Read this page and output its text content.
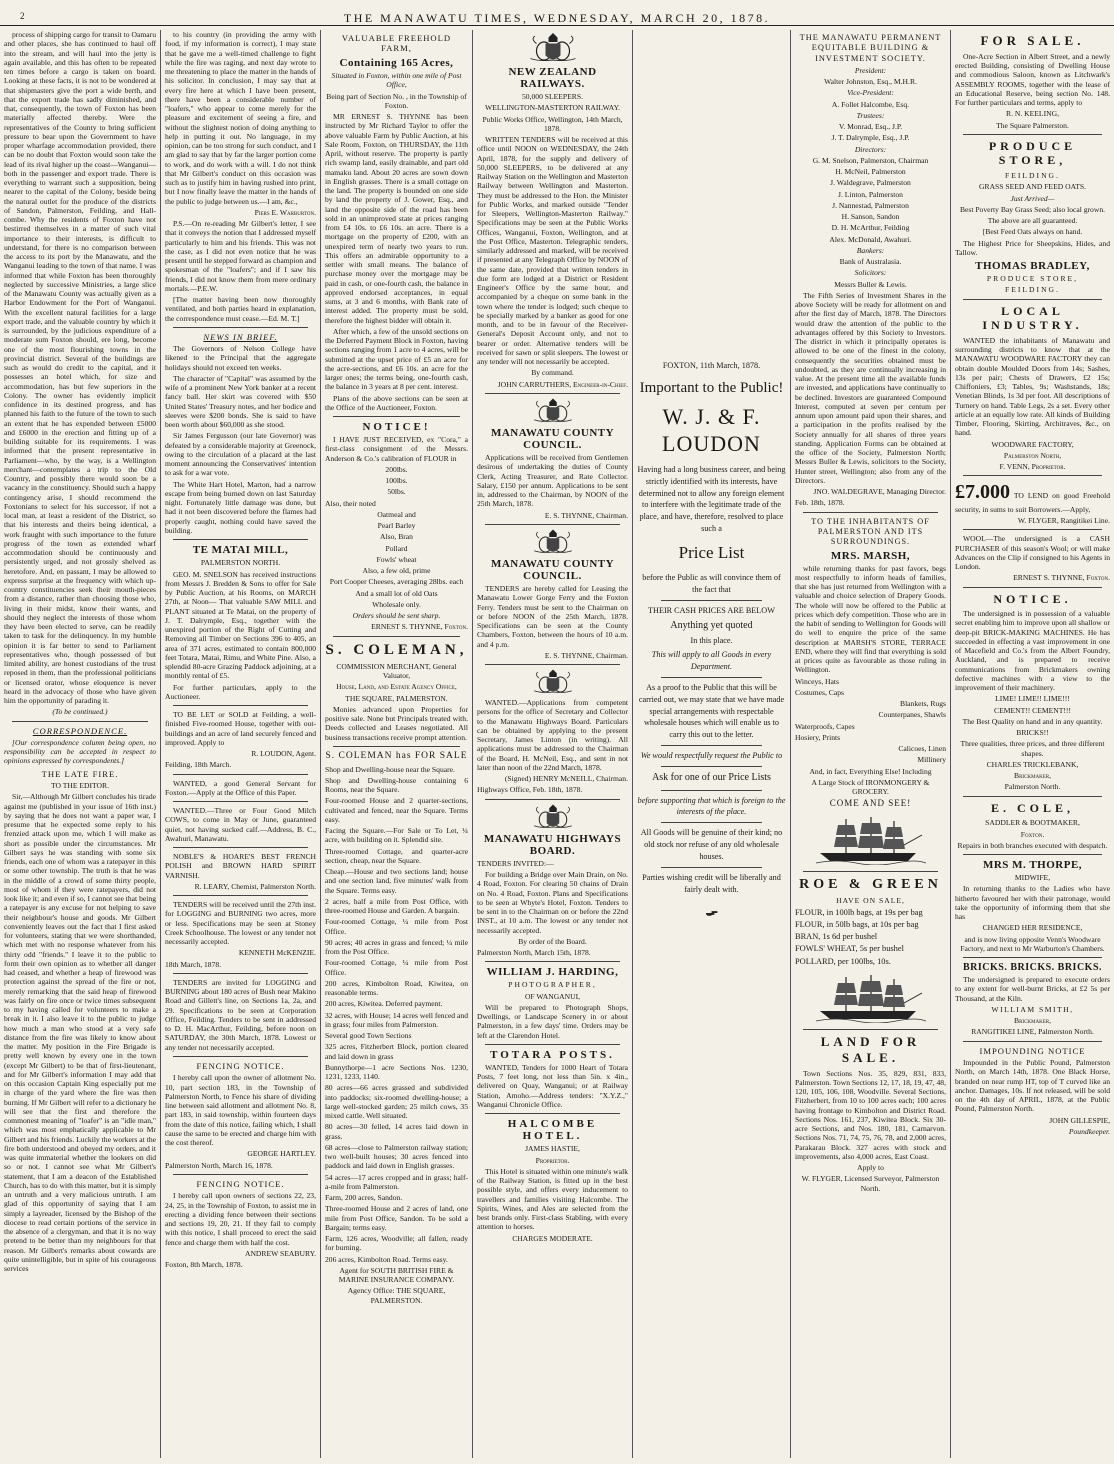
2	THE MANAWATU TIMES, WEDNESDAY, MARCH 20, 1878.

process of shipping cargo for transit to Oamaru and other places, she has continued to haul off into the stream, and will haul into the jetty is again available, and this has often to be repeated ten times before a cargo is taken on board. Looking at these facts, it is not to be wondered at that shipmasters give the port a wide berth, and that the export trade has sadly diminished, and that, consequently, the town of Foxton has been materially affected thereby. Were the representatives of the County to bring sufficient pressure to bear upon the Government to have proper wharfage accommodation provided, there can be no doubt that Foxton would soon take the lead of its rival higher up the coast—Wanganui—both in the passenger and export trade. There is everything to warrant such a supposition, being nearer to the capital of the Colony, beside being the natural outlet for the produce of the districts of Sandon, Palmerston, Feilding, and Hall-combe. Why the residents of Foxton have not bestirred themselves in a matter of such vital importance to their interests, is difficult to understand, for there is no comparison between the access to its port by the Manawatu, and the Wanganui leading to the town of that name. I was informed that while Foxton has been thoroughly neglected by successive Ministries, a large slice of the Manawatu County was actually given as a Harbor Endowment for the Port of Wanganui. With the excellent natural facilities for a large export trade, and the valuable country by which it is surrounded, by the judicious expenditure of a moderate sum Foxton should, ere long, become one of the most flourishing towns in the provincial district. Several of the buildings are such as would do credit to the capital, and it possesses an hotel which, for size and accommodation, has but few superiors in the Colony. The owner has evidently implicit confidence in its destined progress, and has planned his faith to the future of the town to such an extent that he has expended between £5000 and £6000 in the erection and fitting up of a building suitable for its requirements. I was informed that the present representative in Parliament—who, by the way, is a Wellington merchant—contemplates a trip to the Old Country, and possibly there would soon be a vacancy in the constituency. Should such a happy contingency arise, I should recommend the Foxtonians to select for his successor, if not a local man, at least a resident of the District, so that his interests and theirs being identical, a work fraught with such importance to the future progress of the town as extended wharf accommodation should be continuously and persistently urged, and not grossly shelved as heretofore. And, en passant, I may be allowed to express surprise at the frequency with which up-country constituencies seek their mouth-pieces from a distance, rather than choosing those who, living in their midst, know their wants, and should they neglect the interests of those whom they have been elected to serve, can be readily taken to task for the delinquency. In my humble opinion it is far better to send to Parliament representatives who, though possessed of but limited ability, are honest custodians of the trust reposed in them, than the professional politicians or licensed orator, whose eloquence is never heard in the advocacy of those who have given him the opportunity of parading it.

(To be continued.)

CORRESPONDENCE.

[Our correspondence column being open, no responsibility can be accepted in respect to opinions expressed by correspondents.]

THE LATE FIRE.

TO THE EDITOR.

Sir,—Although Mr Gilbert concludes his tirade against me (published in your issue of 16th inst.) by saying that he does not want a paper war, I presume that he expected some reply to his frenzied attack upon me, which I will make as short as possible under the circumstances. Mr Gilbert says he was standing with some six friends, each one of whom was a ratepayer in this or some other township. The truth is that he was in the middle of a crowd of some thirty people, most of whom if they were ratepayers, did not look like it; and even if so, I cannot see that being a ratepayer is any excuse for not helping to save their neighbour's house and goods. Mr Gilbert conveniently leaves out the fact that I first asked for volunteers, stating that we were shorthanded, which met with no response whatever from his thirty odd "friends." I leave it to the public to form their own opinion as to whether all danger had ceased, and whether a heap of firewood was protection against the spread of the fire or not, merely remarking that the said heap of firewood was fairly on fire once or twice times subsequent to my having called for volunteers to make a break in it. I also leave it to the public to judge how much a man who stood at a very safe distance from the fire was likely to know about the matter. My position in the Fire Brigade is pretty well known by every one in the town (except Mr Gilbert) to be that of first-lieutenant, and for Mr Gilbert's information I may add that on this occasion Captain King especially put me in charge of the yard where the fire was then burning. If Mr Gilbert will refer to a dictionary he will see that the first and therefore the commonest meaning of "loafer" is an "idle man," which was most emphatically applicable to Mr Gilbert and his friends. Luckily the workers at the fire both understood and obeyed my orders, and it was quite immaterial whether the lookers on did so or not. I cannot see what Mr Gilbert's statement, that I am a deacon of the Established Church, has to do with this matter, but it is simply an untruth and a very malicious untruth. I am glad of this opportunity of saying that I am simply a layreader, licensed by the Bishop of the diocese to read certain portions of the service in the absence of a clergyman, and that it is no way pretend to be better than my neighbours for that reason. Mr Gilbert's remarks about cowards are quite unintelligible, but in spite of his courageous services

to his country (in providing the army with food, if my information is correct), I may state that he gave me a well-timed challenge to fight while the fire was raging, and next day wrote to me threatening to place the matter in the hands of his solicitor. In conclusion, I may say that at every fire here at which I have been present, there have been a considerable number of "loafers," who appear to come merely for the pleasure and excitement of seeing a fire, and without the slightest notion of doing anything to help in putting it out. No language, in my opinion, can be too strong for such conduct, and I am glad to say that by far the larger portion come to work, and do work with a will. I do not think that Mr Gilbert's conduct on this occasion was such as to justify him in having rushed into print, but I now finally leave the matter in the hands of the public to judge between us.—I am, &c.,

Piers E. Warburton.

P.S.—On re-reading Mr Gilbert's letter, I see that it conveys the notion that I addressed myself particularly to him and his friends. This was not the case, as I did not even notice that he was present until he stepped forward as champion and spokesman of the "loafers"; and if I saw his friends, I did not know them from mere ordinary mortals.—P.E.W.

[The matter having been now thoroughly ventilated, and both parties heard in explanation, the correspondence must cease.—Ed. M. T.]

NEWS IN BRIEF.

The Governors of Nelson College have likened to the Principal that the aggregate holidays should not exceed ten weeks.

The character of "Capital" was assumed by the wife of a prominent New York banker at a recent fancy ball. Her skirt was covered with $50 United States' Treasury notes, and her bodice and sleeves were $200 bonds. She is said to have been worth about $60,000 as she stood.

Sir James Fergusson (our late Governor) was defeated by a considerable majority at Greenock, owing to the circulation of a placard at the last moment announcing the Conservatives' intention to ask for a war vote.

The White Hart Hotel, Marton, had a narrow escape from being burned down on last Saturday night. Fortunately little damage was done, but had it not been discovered before the flames had properly caught, nothing could have saved the building.

TE MATAI MILL,

PALMERSTON NORTH.

GEO. M. SNELSON has received instructions from Messrs J. Bredden & Sons to offer for Sale by Public Auction, at his Rooms, on MARCH 27th, at Noon— That valuable SAW MILL and PLANT situated at Te Matai, on the property of J. T. Dalrymple, Esq., together with the unexpired portion of the Right of Cutting and Removing all Timber on Sections 396 to 405, an area of 371 acres, estimated to contain 800,000 feet Totara, Matai, Rimu, and White Pine. Also, a splendid 80-acre Grazing Paddock adjoining, at a monthly rental of £5.

For further particulars, apply to the Auctioneer.

TO BE LET or SOLD at Feilding, a well-finished Five-roomed House, together with out-buildings and an acre of land securely fenced and improved. Apply to

R. LOUDON, Agent.

Feilding, 18th March.

WANTED, a good General Servant for Foxton.—Apply at the Office of this Paper.

WANTED.—Three or Four Good Milch COWS, to come in May or June, guaranteed quiet, not having sucked calf.—Address, B. C., Awahuri, Manawatu.

NOBLE'S & HOARE'S BEST FRENCH POLISH and BROWN HARD SPIRIT VARNISH.

R. LEARY, Chemist, Palmerston North.

TENDERS will be received until the 27th inst. for LOGGING and BURNING two acres, more or less. Specifications may be seen at Stoney Creek Schoolhouse. The lowest or any tender not necessarily accepted.

KENNETH McKENZIE.

18th March, 1878.

TENDERS are invited for LOGGING and BURNING about 180 acres of Bush near Makino Road and Gillett's line, on Sections 1a, 2a, and 29. Specifications to be seen at Corporation Office, Feilding. Tenders to be sent in addressed to D. H. MacArthur, Feilding, before noon on SATURDAY, the 30th March, 1878. Lowest or any tender not necessarily accepted.

FENCING NOTICE.

I hereby call upon the owner of allotment No. 10, part section 183, in the Township of Palmerston North, to Fence his share of dividing line between said allotment and allotment No. 8, part 183, in said township, within fourteen days from the date of this notice, failing which, I shall cause the same to be erected and charge him with the cost thereof.

GEORGE HARTLEY.

Palmerston North, March 16, 1878.

FENCING NOTICE.

I hereby call upon owners of sections 22, 23, 24, 25, in the Township of Foxton, to assist me in erecting a dividing fence between their sections and sections 19, 20, 21. If they fail to comply with this notice, I shall proceed to erect the said fence and charge them with half the cost.

ANDREW SEABURY.

Foxton, 8th March, 1878.

VALUABLE FREEHOLD FARM,
Containing 165 Acres,

Situated in Foxton, within one mile of Post Office,

Being part of Section No. , in the Township of Foxton.

MR ERNEST S. THYNNE has been instructed by Mr Richard Taylor to offer the above valuable Farm by Public Auction, at his Sale Room, Foxton, on THURSDAY, the 11th April, without reserve. The property is partly rich swamp land, easily drainable, and part old mamaku land. About 20 acres are sown down in English grasses. There is a small cottage on the land. The property is bounded on one side by land the property of J. Gower, Esq., and land the opposite side of the road has been sold in an unimproved state at prices ranging from £4 10s. to £6 10s. an acre. There is a mortgage on the property of £200, with an unexpired term of nearly two years to run. This offers an admirable opportunity to a settler with small means. The balance of purchase money over the mortgage may be paid in cash, or one-fourth cash, the balance in approved endorsed acceptances, in equal sums, at 3 and 6 months, with Bank rate of interest added. The property must be sold, therefore the highest bidder will obtain it.

After which, a few of the unsold sections on the Deferred Payment Block in Foxton, having sections ranging from 1 acre to 4 acres, will be submitted at the upset price of £5 an acre for the acre-sections, and £6 10s. an acre for the larger ones; the terms being, one-fourth cash, the balance in 3 years at 8 per cent. interest.

Plans of the above sections can be seen at the Office of the Auctioneer, Foxton.

NOTICE!

I HAVE JUST RECEIVED, ex "Cora," a first-class consignment of the Messrs. Anderson & Co.'s calibration of FLOUR in

200lbs.

100lbs.

50lbs.

Also, their noted

Oatmeal and

Pearl Barley

Also, Bran

Pollard

Fowls' wheat

Also, a few old, prime

Port Cooper Cheeses, averaging 28lbs. each

And a small lot of old Oats

Wholesale only.

Orders should be sent sharp.

ERNEST S. THYNNE, Foxton.

S. COLEMAN,

COMMISSION MERCHANT, General Valuator,

House, Land, and Estate Agency Office,

THE SQUARE, PALMERSTON.

Monies advanced upon Properties for positive sale. None but Principals treated with. Deeds collected and Leases negotiated. All business transactions receive prompt attention.

S. COLEMAN has FOR SALE

Shop and Dwelling-house near the Square.

Shop and Dwelling-house containing 6 Rooms, near the Square.

Four-roomed House and 2 quarter-sections, cultivated and fenced, near the Square. Terms easy.

Facing the Square.—For Sale or To Let, ¼ acre, with building on it. Splendid site.

Three-roomed Cottage, and quarter-acre section, cheap, near the Square.

Cheap.—House and two sections land; house and one section land, five minutes' walk from the Square. Terms easy.

2 acres, half a mile from Post Office, with three-roomed House and Garden. A bargain.

Four-roomed Cottage, ¼ mile from Post Office.

90 acres; 40 acres in grass and fenced; ¼ mile from the Post Office.

Four-roomed Cottage, ¼ mile from Post Office.

200 acres, Kimbolton Road, Kiwitea, on reasonable terms.

200 acres, Kiwitea. Deferred payment.

32 acres, with House; 14 acres well fenced and in grass; four miles from Palmerston.

Several good Town Sections

325 acres, Fitzherbert Block, portion cleared and laid down in grass

Bunnythorpe—1 acre Sections Nos. 1230, 1231, 1233, 1140.

80 acres—66 acres grassed and subdivided into paddocks; six-roomed dwelling-house; a large well-stocked garden; 25 milch cows, 35 mixed cattle. Well situated.

80 acres—30 felled, 14 acres laid down in grass.

68 acres—close to Palmerston railway station; two well-built houses; 30 acres fenced into paddock and laid down in English grasses.

54 acres—17 acres cropped and in grass; half-a-mile from Palmerston.

Farm, 200 acres, Sandon.

Three-roomed House and 2 acres of land, one mile from Post Office, Sandon. To be sold a Bargain; terms easy.

Farm, 126 acres, Woodville; all fallen, ready for burning.

206 acres, Kimbolton Road. Terms easy.

Agent for SOUTH BRITISH FIRE & MARINE INSURANCE COMPANY.

Agency Office: THE SQUARE, PALMERSTON.

NEW ZEALAND RAILWAYS.

50,000 SLEEPERS.

WELLINGTON-MASTERTON RAILWAY.

Public Works Office, Wellington, 14th March, 1878.

WRITTEN TENDERS will be received at this office until NOON on WEDNESDAY, the 24th April, 1878, for the supply and delivery of 50,000 SLEEPERS, to be delivered at any Railway Station on the Wellington and Masterton Railway between Wellington and Masterton. They must be addressed to the Hon. the Minister for Public Works, and marked outside "Tender for Sleepers, Wellington-Masterton Railway." Specifications may be seen at the Public Works Offices, Wanganui, Foxton, Wellington, and at the Post Office, Masterton. Telegraphic tenders, similarly addressed and marked, will be received if presented at any Telegraph Office by NOON of the same date, provided that written tenders in due form are lodged at a District or Resident Engineer's Office by the same hour, and accompanied by a cheque on some bank in the town where the tender is lodged; such cheque to be specially marked by a banker as good for one month, and to be in favour of the Receiver-General's Deposit Account only, and not to bearer or order. Alternative tenders will be received for sawn or split sleepers. The lowest or any tender will not necessarily be accepted.

By command.

JOHN CARRUTHERS, Engineer-in-Chief.

MANAWATU COUNTY COUNCIL.

Applications will be received from Gentlemen desirous of undertaking the duties of County Clerk, Acting Treasurer, and Rate Collector. Salary, £150 per annum. Applications to be sent in, addressed to the Chairman, by NOON of the 25th March, 1878.

E. S. THYNNE, Chairman.

MANAWATU COUNTY COUNCIL.

TENDERS are hereby called for Leasing the Manawatu Lower Gorge Ferry and the Foxton Ferry. Tenders must be sent to the Chairman on or before NOON of the 25th March, 1878. Specifications can be seen at the County Chambers, Foxton, between the hours of 10 a.m. and 4 p.m.

E. S. THYNNE, Chairman.

WANTED.—Applications from competent persons for the office of Secretary and Collector to the Manawatu Highways Board. Particulars can be obtained by applying to the present Secretary, James Linton (in writing). All applications must be addressed to the Chairman of the Board, H. McNeil, Esq., and sent in not later than noon of the 22nd March, 1878.

(Signed) HENRY McNEILL, Chairman.

Highways Office, Feb. 18th, 1878.

MANAWATU HIGHWAYS BOARD.

TENDERS INVITED:—

For building a Bridge over Main Drain, on No. 4 Road, Foxton. For clearing 50 chains of Drain on No. 4 Road, Foxton. Plans and Specifications to be seen at Whyte's Hotel, Foxton. Tenders to be sent in to the Chairman on or before the 22nd INST., at 10 a.m. The lowest or any tender not necessarily accepted.

By order of the Board.

Palmerston North, March 15th, 1878.

WILLIAM J. HARDING,

PHOTOGRAPHER,

OF WANGANUI,

Will be prepared to Photograph Shops, Dwellings, or Landscape Scenery in or about Palmerston, in a few days' time. Orders may be left at the Clarendon Hotel.

TOTARA POSTS.

WANTED, Tenders for 1000 Heart of Totara Posts, 7 feet long, not less than 5in. x 4in., delivered on Quay, Wanganui; or at Railway Station, Amoho.—Address tenders: "X.Y.Z.," Wanganui Chronicle Office.

HALCOMBE HOTEL.

JAMES HASTIE,

Proprietor.

This Hotel is situated within one minute's walk of the Railway Station, is fitted up in the best possible style, and offers every inducement to travellers and families visiting Halcombe. The Spirits, Wines, and Ales are selected from the best brands only. First-class Stabling, with every attention to horses.

CHARGES MODERATE.

FOXTON, 11th March, 1878.

Important to the Public!
W. J. & F. LOUDON

Having had a long business career, and being strictly identified with its interests, have determined not to allow any foreign element to interfere with the legitimate trade of the place, and have, therefore, resolved to place such a

Price List

before the Public as will convince them of the fact that

THEIR CASH PRICES ARE BELOW

Anything yet quoted

In this place.

This will apply to all Goods in every Department.

As a proof to the Public that this will be carried out, we may state that we have made special arrangements with respectable wholesale houses which will enable us to carry this out to the letter.

We would respectfully request the Public to

Ask for one of our Price Lists

before supporting that which is foreign to the interests of the place.

All Goods will be genuine of their kind; no old stock nor refuse of any old wholesale houses.

Parties wishing credit will be liberally and fairly dealt with.

THE MANAWATU PERMANENT EQUITABLE BUILDING & INVESTMENT SOCIETY.

President:

Walter Johnston, Esq., M.H.R.

Vice-President:

A. Follet Halcombe, Esq.

Trustees:

V. Monrad, Esq., J.P.

J. T. Dalrymple, Esq., J.P.

Directors:

G. M. Snelson, Palmerston, Chairman

H. McNeil, Palmerston

J. Waldegrave, Palmerston

J. Linton, Palmerston

J. Nannestad, Palmerston

H. Sanson, Sandon

D. H. McArthur, Feilding

Alex. McDonald, Awahuri.

Bankers:

Bank of Australasia.

Solicitors:

Messrs Buller & Lewis.

The Fifth Series of Investment Shares in the above Society will be ready for allotment on and after the first day of March, 1878. The Directors would draw the attention of the public to the advantages offered by this Society to Investors. The district in which it principally operates is allowed to be one of the finest in the colony, consequently the securities obtained must be undoubted, as they are continually increasing in value. At the present time all the available funds are invested, and applications have continually to be declined. Investors are guaranteed Compound Interest, computed at seven per centum per annum upon amount paid upon their shares, and a participation in the profits realised by the Society annually for all shares of three years standing. Application Forms can be obtained at the office of the Society, Palmerston North; Messrs Buller & Lewis, solicitors to the Society, Hunter street, Wellington; also from any of the Directors.

JNO. WALDEGRAVE, Managing Director.

Feb. 18th, 1878.

TO THE INHABITANTS OF PALMERSTON AND ITS SURROUNDINGS.
MRS. MARSH,

while returning thanks for past favors, begs most respectfully to inform heads of families, that she has just returned from Wellington with a valuable and choice selection of Drapery Goods. The whole will now be offered to the Public at prices which defy competition. Those who are in the habit of sending to Wellington for Goods will do well to enquire the price of the same description at MARSH'S STORE, TERRACE END, where they will find that everything is sold at prices quite as favourable as those ruling in Wellington.

Winceys, Hats

Costumes, Caps

Blankets, Rugs

Counterpanes, Shawls

Waterproofs, Capes

Hosiery, Prints

Calicoes, Linen

Millinery

And, in fact, Everything Else! Including

A Large Stock of IRONMONGERY & GROCERY.

COME AND SEE!

ROE & GREEN

HAVE ON SALE,

FLOUR, in 100lb bags, at 19s per bag

FLOUR, in 50lb bags, at 10s per bag

BRAN, 1s 6d per bushel

FOWLS' WHEAT, 5s per bushel

POLLARD, per 100lbs, 10s.

LAND FOR SALE.

Town Sections Nos. 35, 829, 831, 833, Palmerston. Town Sections 12, 17, 18, 19, 47, 48, 120, 105, 106, 108, Woodville. Several Sections, Fitzherbert, from 10 to 100 acres each; 100 acres having frontage to Kimbolton and District Road. Sections Nos. 161, 237, Kiwitea Block. Six 30-acre Sections, and Nos. 180, 181, Carnarvon. Sections Nos. 71, 74, 75, 76, 78, and 2,000 acres, Parakarau Block. 327 acres with stock and improvements, also 4,000 acres, East Coast.

Apply to

W. FLYGER, Licensed Surveyor, Palmerston North.

FOR SALE.

One-Acre Section in Albert Street, and a newly erected Building, consisting of Dwelling House and commodious Saloon, known as Litchwark's ASSEMBLY ROOMS, together with the lease of an Educational Reserve, being section No. 148. For further particulars and terms, apply to

R. N. KEELING,

The Square Palmerston.

PRODUCE STORE,

FEILDING.

GRASS SEED AND FEED OATS.

Just Arrived—

Best Poverty Bay Grass Seed; also local grown.

The above are all guaranteed.

[Best Feed Oats always on hand.

The Highest Price for Sheepskins, Hides, and Tallow.

THOMAS BRADLEY,

PRODUCE STORE,

FEILDING.

LOCAL INDUSTRY.

WANTED the inhabitants of Manawatu and surrounding districts to know that at the MANAWATU WOODWARE FACTORY they can obtain double Moulded Doors from 14s; Sashes, 13s per pair; Chests of Drawers, £2 15s; Chiffoniers, £3; Tables, 9s; Washstands, 18s; Venetian Blinds, 1s 3d per foot. All descriptions of Turnery on hand. Table Legs, 2s a set. Every other article at an equally low rate. All kinds of Building Timber, Flooring, Skirting, Architraves, &c., on hand.

WOODWARE FACTORY,

Palmerston North,

F. VENN, Proprietor.

£7.000 TO LEND on good Freehold security, in sums to suit Borrowers.—Apply,

W. FLYGER, Rangitikei Line.

WOOL—The undersigned is a CASH PURCHASER of this season's Wool; or will make Advances on the Clip if consigned to his Agents in London.

ERNEST S. THYNNE, Foxton.

NOTICE.

The undersigned is in possession of a valuable secret enabling him to improve upon all shallow or deep-pit BRICK-MAKING MACHINES. He has succeeded in effecting a vast improvement in one of Macefield and Co.'s from the Albert Foundry, Auckland, and is prepared to receive communications from Brickmakers owning defective machines with a view to the improvement of their machinery.

LIME! LIME!! LIME!!!

CEMENT!! CEMENT!!!

The Best Quality on hand and in any quantity.

BRICKS!!

Three qualities, three prices, and three different shapes.

CHARLES TRICKLEBANK,

Brickmaker,

Palmerston North.

E. COLE,

SADDLER & BOOTMAKER,

Foxton.

Repairs in both branches executed with despatch.

MRS M. THORPE,

MIDWIFE,

In returning thanks to the Ladies who have hitherto favoured her with their patronage, would take the opportunity of informing them that she has

CHANGED HER RESIDENCE,

and is now living opposite Venn's Woodware Factory, and next to Mr Warburton's Chambers.

BRICKS. BRICKS. BRICKS.

The undersigned is prepared to execute orders to any extent for well-burnt Bricks, at £2 5s per Thousand, at the Kiln.

WILLIAM SMITH,

Brickmaker,

RANGITIKEI LINE, Palmerston North.

IMPOUNDING NOTICE

Impounded in the Public Pound, Palmerston North, on March 14th, 1878. One Black Horse, branded on near rump HT, top of T curved like an anchor. Damages, 10s. If not released, will be sold on the 4th day of APRIL, 1878, at the Public Pound, Palmerston North.

JOHN GILLESPIE,

Poundkeeper.
